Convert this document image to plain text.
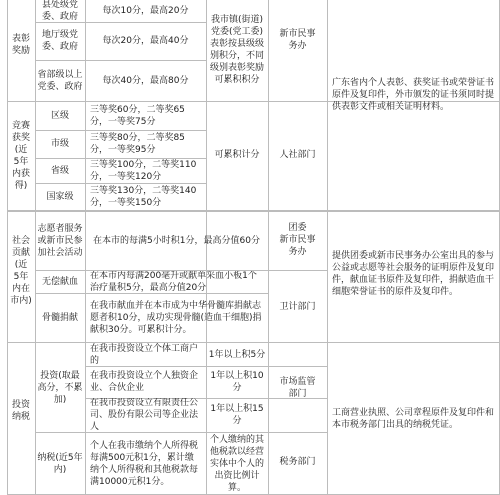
表彰
奖励
县处级党委、政府
每次10分，最高20分
地厅级党委、政府
每次20分，最高40分
省部级以上党委、政府
每次40分，最高80分
我市镇(街道)党委(党工委)表彰按县级级别积分，不同级别表彰奖励可累积积分
新市民事
务办
广东省内个人表彰、获奖证书或荣誉证书原件及复印件，外市颁发的证书须同时提供表彰文件或相关证明材料。
竞赛
获奖
(近
5年
内获
得)
区级
三等奖60分，二等奖65分，一等奖75分
市级
三等奖80分，二等奖85分，一等奖95分
省级
三等奖100分，二等奖110分，一等奖120分
国家级
三等奖130分，二等奖140分，一等奖150分
可累积计分	人社部门
社会
贡献
(近
5年
内在
市内)
志愿者服务或新市民参加社会活动
在本市的每满5小时积1分，最高分值60分
团委
新市民事
务办
无偿献血
在本市内每满200毫升或献单采血小板1个治疗量积5分，最高分值20分
骨髓捐献
在我市献血并在本市成为中华骨髓库捐献志愿者积10分，成功实现骨髓(造血干细胞)捐献积30分。可累积计分。
卫计部门
提供团委或新市民事务办公室出具的参与公益或志愿等社会服务的证明原件及复印件，献血证书原件及复印件，捐献造血干细胞荣誉证书的原件及复印件。
投资
纳税
投资(取最高分，不累加)
在我市投资设立个体工商户的
1年以上积5分
在我市投资设立个人独资企业、合伙企业
1年以上积10分
在我市投资设立有限责任公司、股份有限公司等企业法人
1年以上积15分
市场监管
部门
纳税(近5年内)
个人在我市缴纳个人所得税每满500元积1分，累计缴纳个人所得税和其他税款每满10000元积1分。
个人缴纳的其他税款以经营实体中个人的出资比例计算。
税务部门
工商营业执照、公司章程原件及复印件和本市税务部门出具的纳税凭证。
